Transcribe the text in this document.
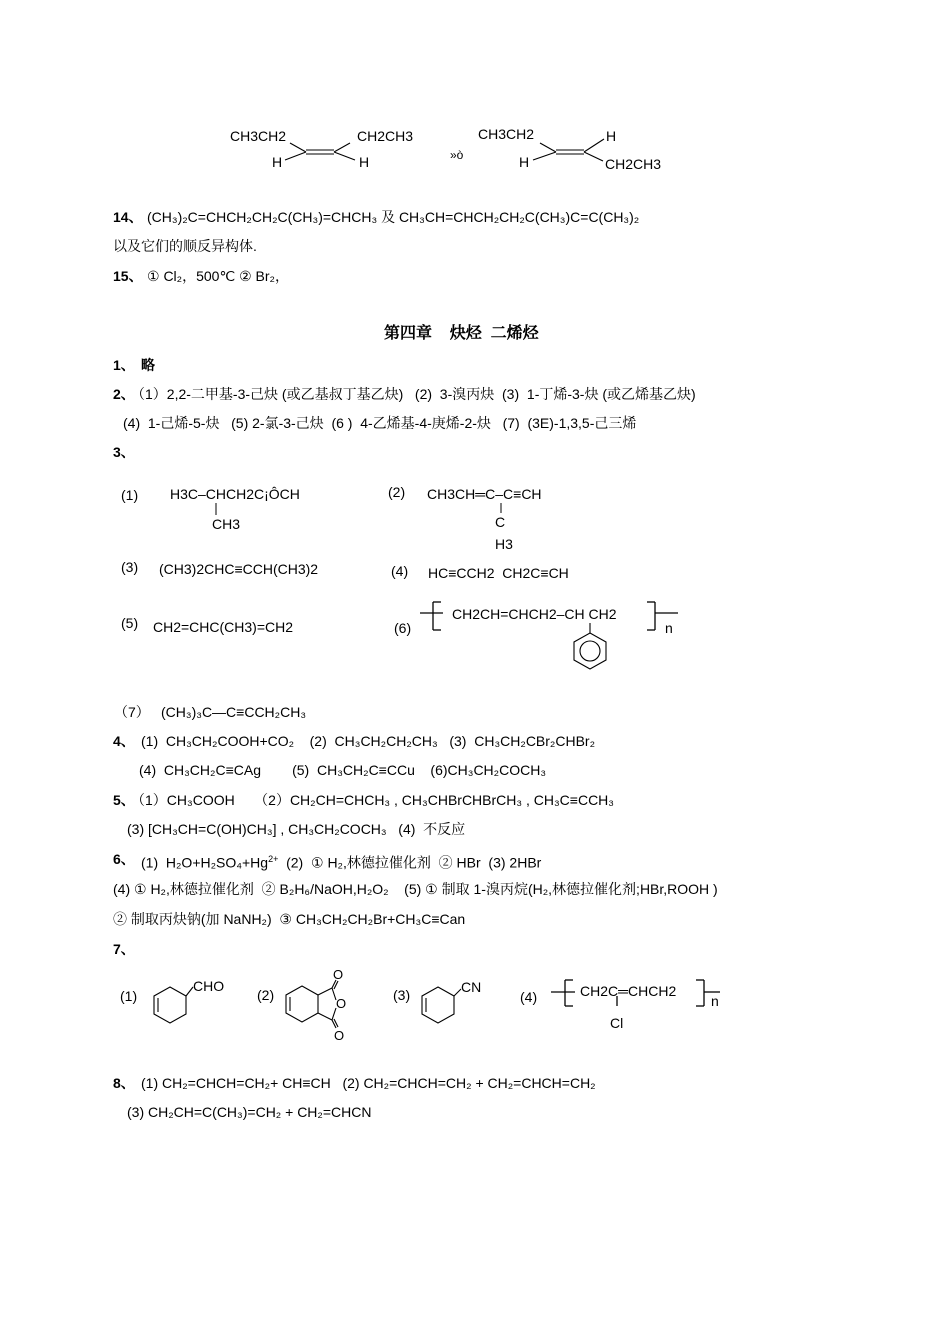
CH3CH2	CH2CH3
H	H	»ò
CH3CH2	H
H	CH2CH3
14、 (CH₃)₂C=CHCH₂CH₂C(CH₃)=CHCH₃ 及 CH₃CH=CHCH₂CH₂C(CH₃)C=C(CH₃)₂
以及它们的顺反异构体.
15、 ① Cl₂，500℃ ② Br₂，
第四章    炔烃  二烯烃
1、 略
2、
（1）2,2-二甲基-3-己炔 (或乙基叔丁基乙炔)   (2)  3-溴丙炔  (3)  1-丁烯-3-炔 (或乙烯基乙炔)
(4)  1-己烯-5-炔   (5) 2-氯-3-己炔  (6 )  4-乙烯基-4-庚烯-2-炔   (7)  (3E)-1,3,5-己三烯
3、
(1) H3C–CHCH2C¡ÔCH
CH3
(2) CH3CH═C–C≡CH
C
H3
(3) (CH3)2CHC≡CCH(CH3)2	(4) HC≡CCH2  CH2C≡CH
(5) CH2=CHC(CH3)=CH2	(6)
CH2CH=CHCH2–CH CH2
n
（7） (CH₃)₃C—C≡CCH₂CH₃
4、 (1)  CH₃CH₂COOH+CO₂    (2)  CH₃CH₂CH₂CH₃   (3)  CH₃CH₂CBr₂CHBr₂
(4)  CH₃CH₂C≡CAg        (5)  CH₃CH₂C≡CCu    (6)CH₃CH₂COCH₃
5、
（1）CH₃COOH     （2）CH₂CH=CHCH₃ , CH₃CHBrCHBrCH₃ , CH₃C≡CCH₃
(3) [CH₃CH=C(OH)CH₃] , CH₃CH₂COCH₃   (4)  不反应
6、 (1)  $H_2O+H_2SO_4+Hg^{2+}$  (2)  ① H₂,林德拉催化剂  ② HBr  (3) 2HBr
(4) ① H₂,林德拉催化剂  ② B₂H₆/NaOH,H₂O₂    (5) ① 制取 1-溴丙烷(H₂,林德拉催化剂;HBr,ROOH )
② 制取丙炔钠(加 NaNH₂)  ③ CH₃CH₂CH₂Br+CH₃C≡Can
7、
(1)
CHO
(2)
O
O
O
(3)	CN
(4)	CH2C═CHCH2
Cl
n
8、 (1) CH₂=CHCH=CH₂+ CH≡CH   (2) CH₂=CHCH=CH₂ + CH₂=CHCH=CH₂
(3) CH₂CH=C(CH₃)=CH₂ + CH₂=CHCN
